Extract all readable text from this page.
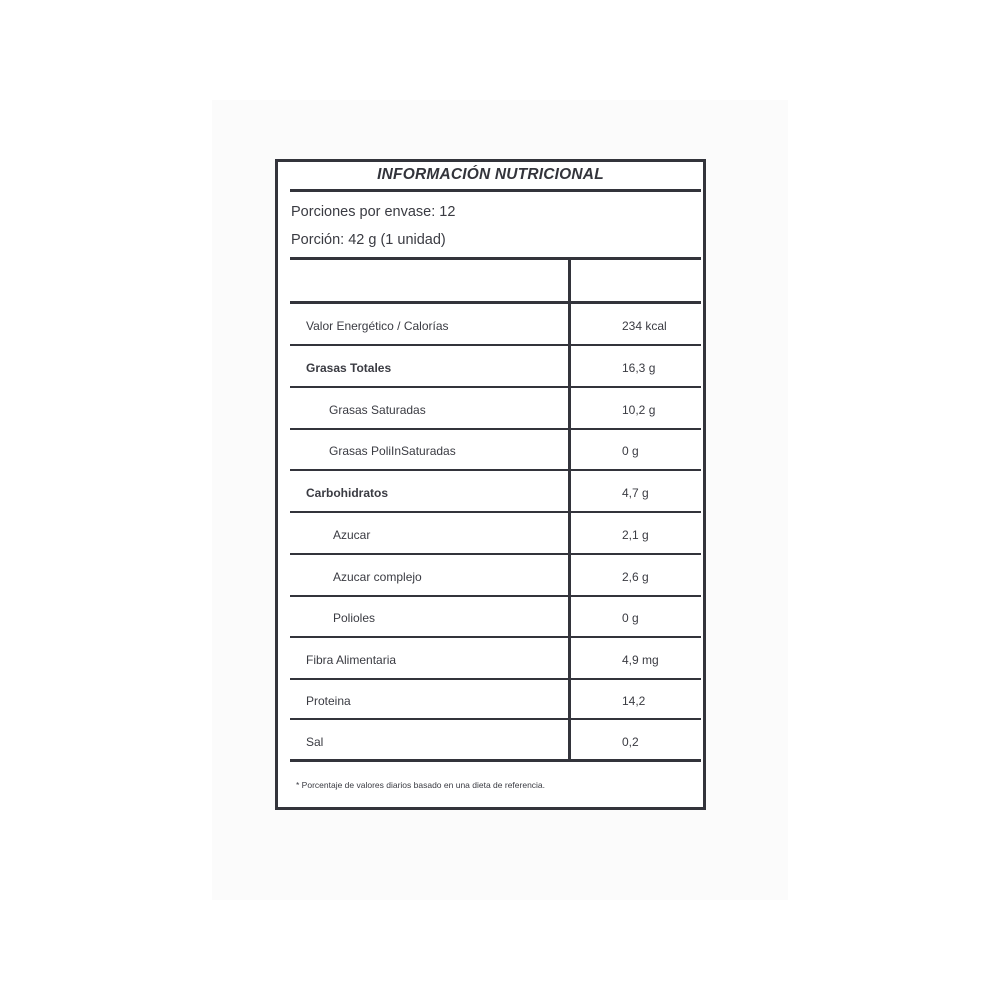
INFORMACIÓN NUTRICIONAL
Porciones por envase: 12
Porción: 42 g (1 unidad)
Valor Energético / Calorías	234 kcal
Grasas Totales	16,3 g
Grasas Saturadas	10,2 g
Grasas PoliInSaturadas	0 g
Carbohidratos	4,7 g
Azucar	2,1 g
Azucar complejo	2,6 g
Polioles	0 g
Fibra Alimentaria	4,9 mg
Proteina	14,2
Sal	0,2
* Porcentaje de valores diarios basado en una dieta de referencia.
